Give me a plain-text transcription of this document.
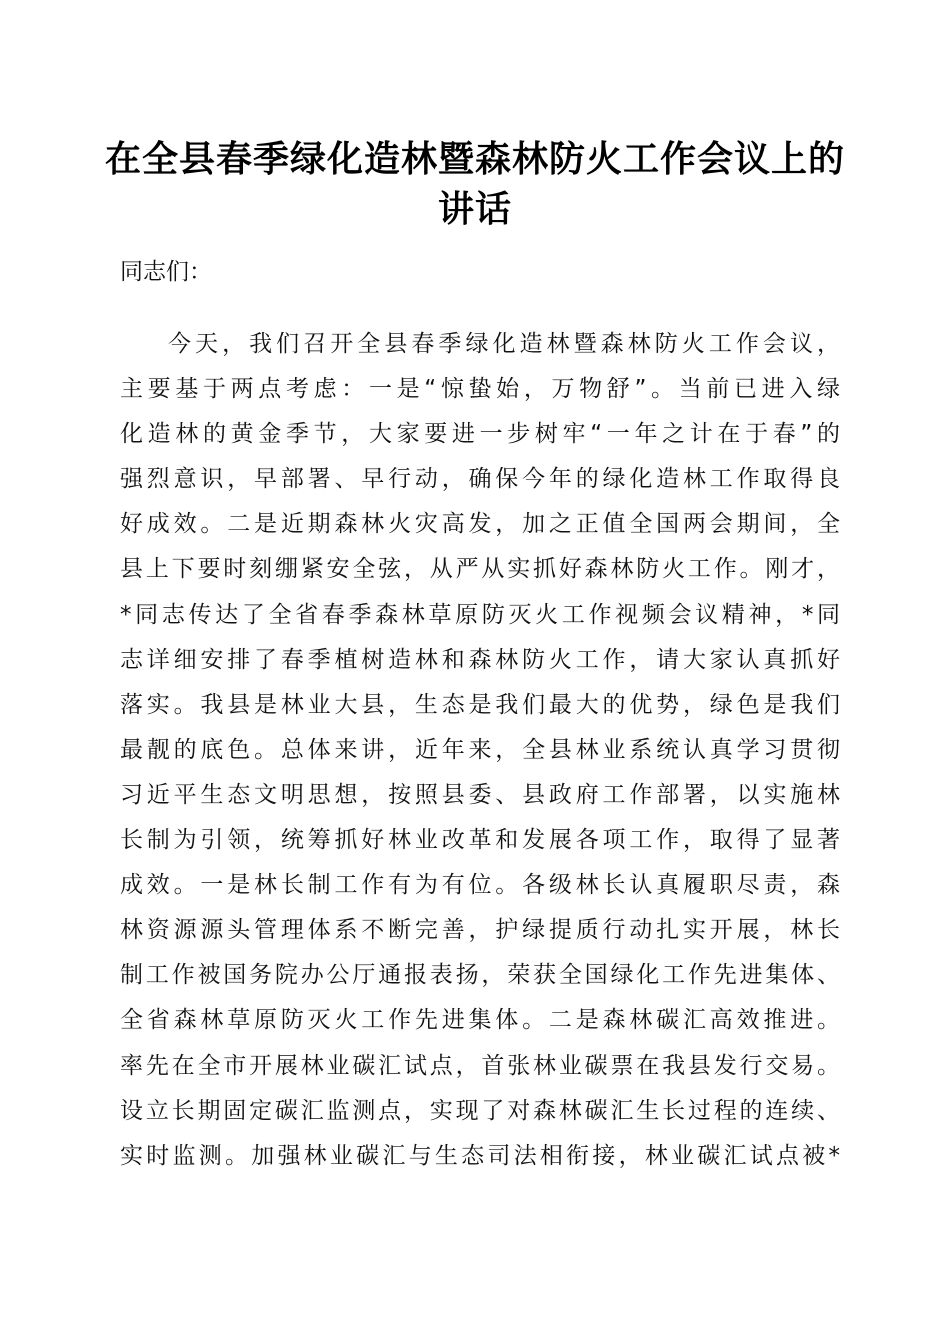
在全县春季绿化造林暨森林防火工作会议上的
讲话

同志们：

今天，我们召开全县春季绿化造林暨森林防火工作会议，
主要基于两点考虑：一是“惊蛰始，万物舒”。当前已进入绿
化造林的黄金季节，大家要进一步树牢“一年之计在于春”的
强烈意识，早部署、早行动，确保今年的绿化造林工作取得良
好成效。二是近期森林火灾高发，加之正值全国两会期间，全
县上下要时刻绷紧安全弦，从严从实抓好森林防火工作。刚才，
*同志传达了全省春季森林草原防灭火工作视频会议精神，*同
志详细安排了春季植树造林和森林防火工作，请大家认真抓好
落实。我县是林业大县，生态是我们最大的优势，绿色是我们
最靓的底色。总体来讲，近年来，全县林业系统认真学习贯彻
习近平生态文明思想，按照县委、县政府工作部署，以实施林
长制为引领，统筹抓好林业改革和发展各项工作，取得了显著
成效。一是林长制工作有为有位。各级林长认真履职尽责，森
林资源源头管理体系不断完善，护绿提质行动扎实开展，林长
制工作被国务院办公厅通报表扬，荣获全国绿化工作先进集体、
全省森林草原防灭火工作先进集体。二是森林碳汇高效推进。
率先在全市开展林业碳汇试点，首张林业碳票在我县发行交易。
设立长期固定碳汇监测点，实现了对森林碳汇生长过程的连续、
实时监测。加强林业碳汇与生态司法相衔接，林业碳汇试点被*
